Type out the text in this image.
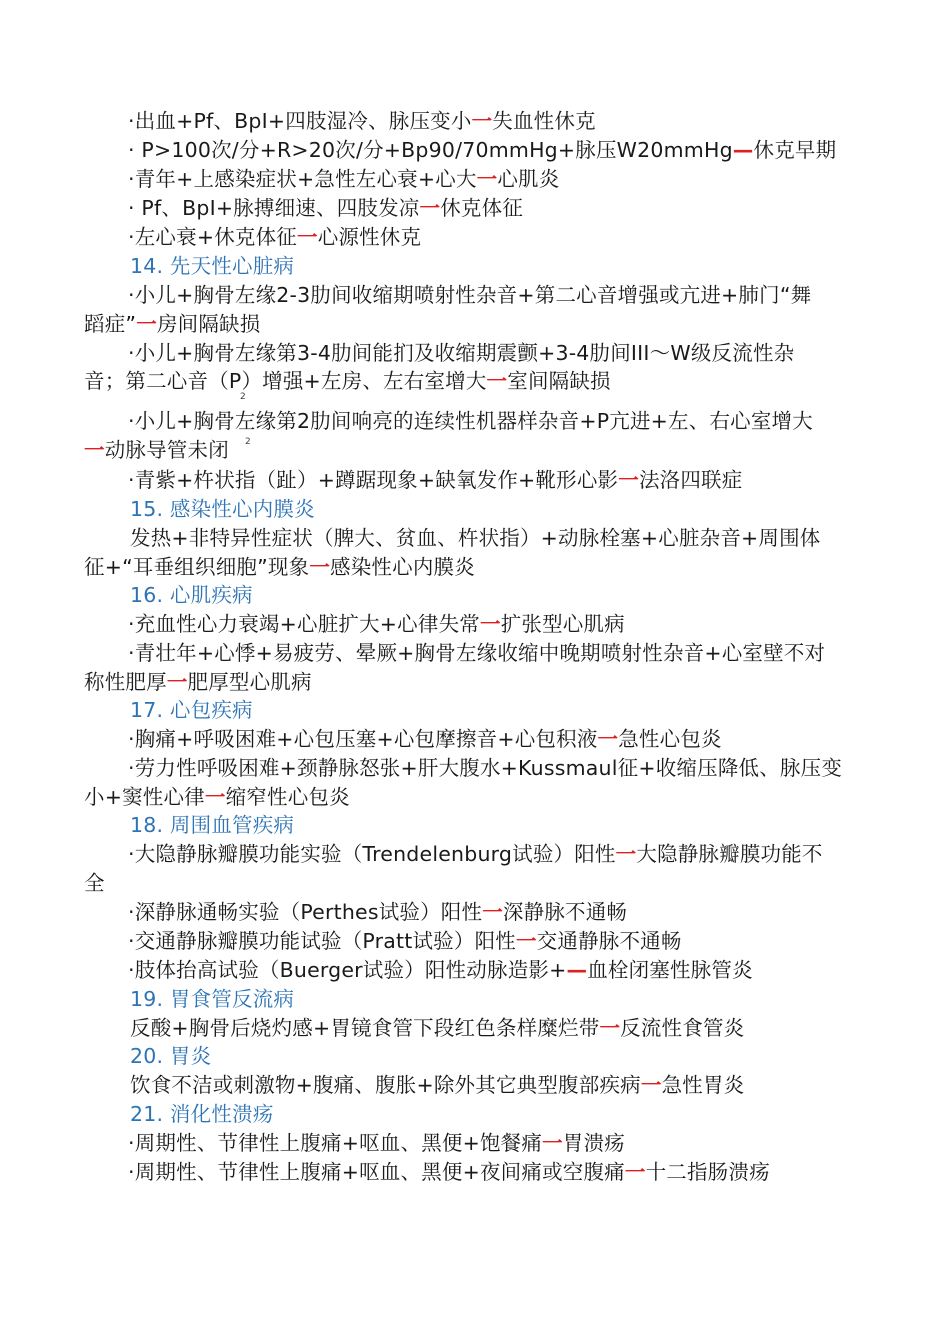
·出血+Pf、BpI+四肢湿冷、脉压变小一失血性休克
· P>100次/分+R>20次/分+Bp90/70mmHg+脉压W20mmHg—休克早期
·青年+上感染症状+急性左心衰+心大一心肌炎
· Pf、BpI+脉搏细速、四肢发凉一休克体征
·左心衰+休克体征一心源性休克
14. 先天性心脏病
·小儿+胸骨左缘2-3肋间收缩期喷射性杂音+第二心音增强或亢进+肺门“舞
蹈症”一房间隔缺损
·小儿+胸骨左缘第3-4肋间能扪及收缩期震颤+3-4肋间III〜W级反流性杂
音；第二心音（P）增强+左房、左右室增大一室间隔缺损
2
·小儿+胸骨左缘第2肋间响亮的连续性机器样杂音+P亢进+左、右心室增大
一动脉导管未闭 2
·青紫+杵状指（趾）+蹲踞现象+缺氧发作+靴形心影一法洛四联症
15. 感染性心内膜炎
发热+非特异性症状（脾大、贫血、杵状指）+动脉栓塞+心脏杂音+周围体
征+“耳垂组织细胞”现象一感染性心内膜炎
16. 心肌疾病
·充血性心力衰竭+心脏扩大+心律失常一扩张型心肌病
·青壮年+心悸+易疲劳、晕厥+胸骨左缘收缩中晚期喷射性杂音+心室壁不对
称性肥厚一肥厚型心肌病
17. 心包疾病
·胸痛+呼吸困难+心包压塞+心包摩擦音+心包积液一急性心包炎
·劳力性呼吸困难+颈静脉怒张+肝大腹水+Kussmaul征+收缩压降低、脉压变
小+窦性心律一缩窄性心包炎
18. 周围血管疾病
·大隐静脉瓣膜功能实验（Trendelenburg试验）阳性一大隐静脉瓣膜功能不
全
·深静脉通畅实验（Perthes试验）阳性一深静脉不通畅
·交通静脉瓣膜功能试验（Pratt试验）阳性一交通静脉不通畅
·肢体抬高试验（Buerger试验）阳性动脉造影+—血栓闭塞性脉管炎
19. 胃食管反流病
反酸+胸骨后烧灼感+胃镜食管下段红色条样糜烂带一反流性食管炎
20. 胃炎
饮食不洁或刺激物+腹痛、腹胀+除外其它典型腹部疾病一急性胃炎
21. 消化性溃疡
·周期性、节律性上腹痛+呕血、黑便+饱餐痛一胃溃疡
·周期性、节律性上腹痛+呕血、黑便+夜间痛或空腹痛一十二指肠溃疡
